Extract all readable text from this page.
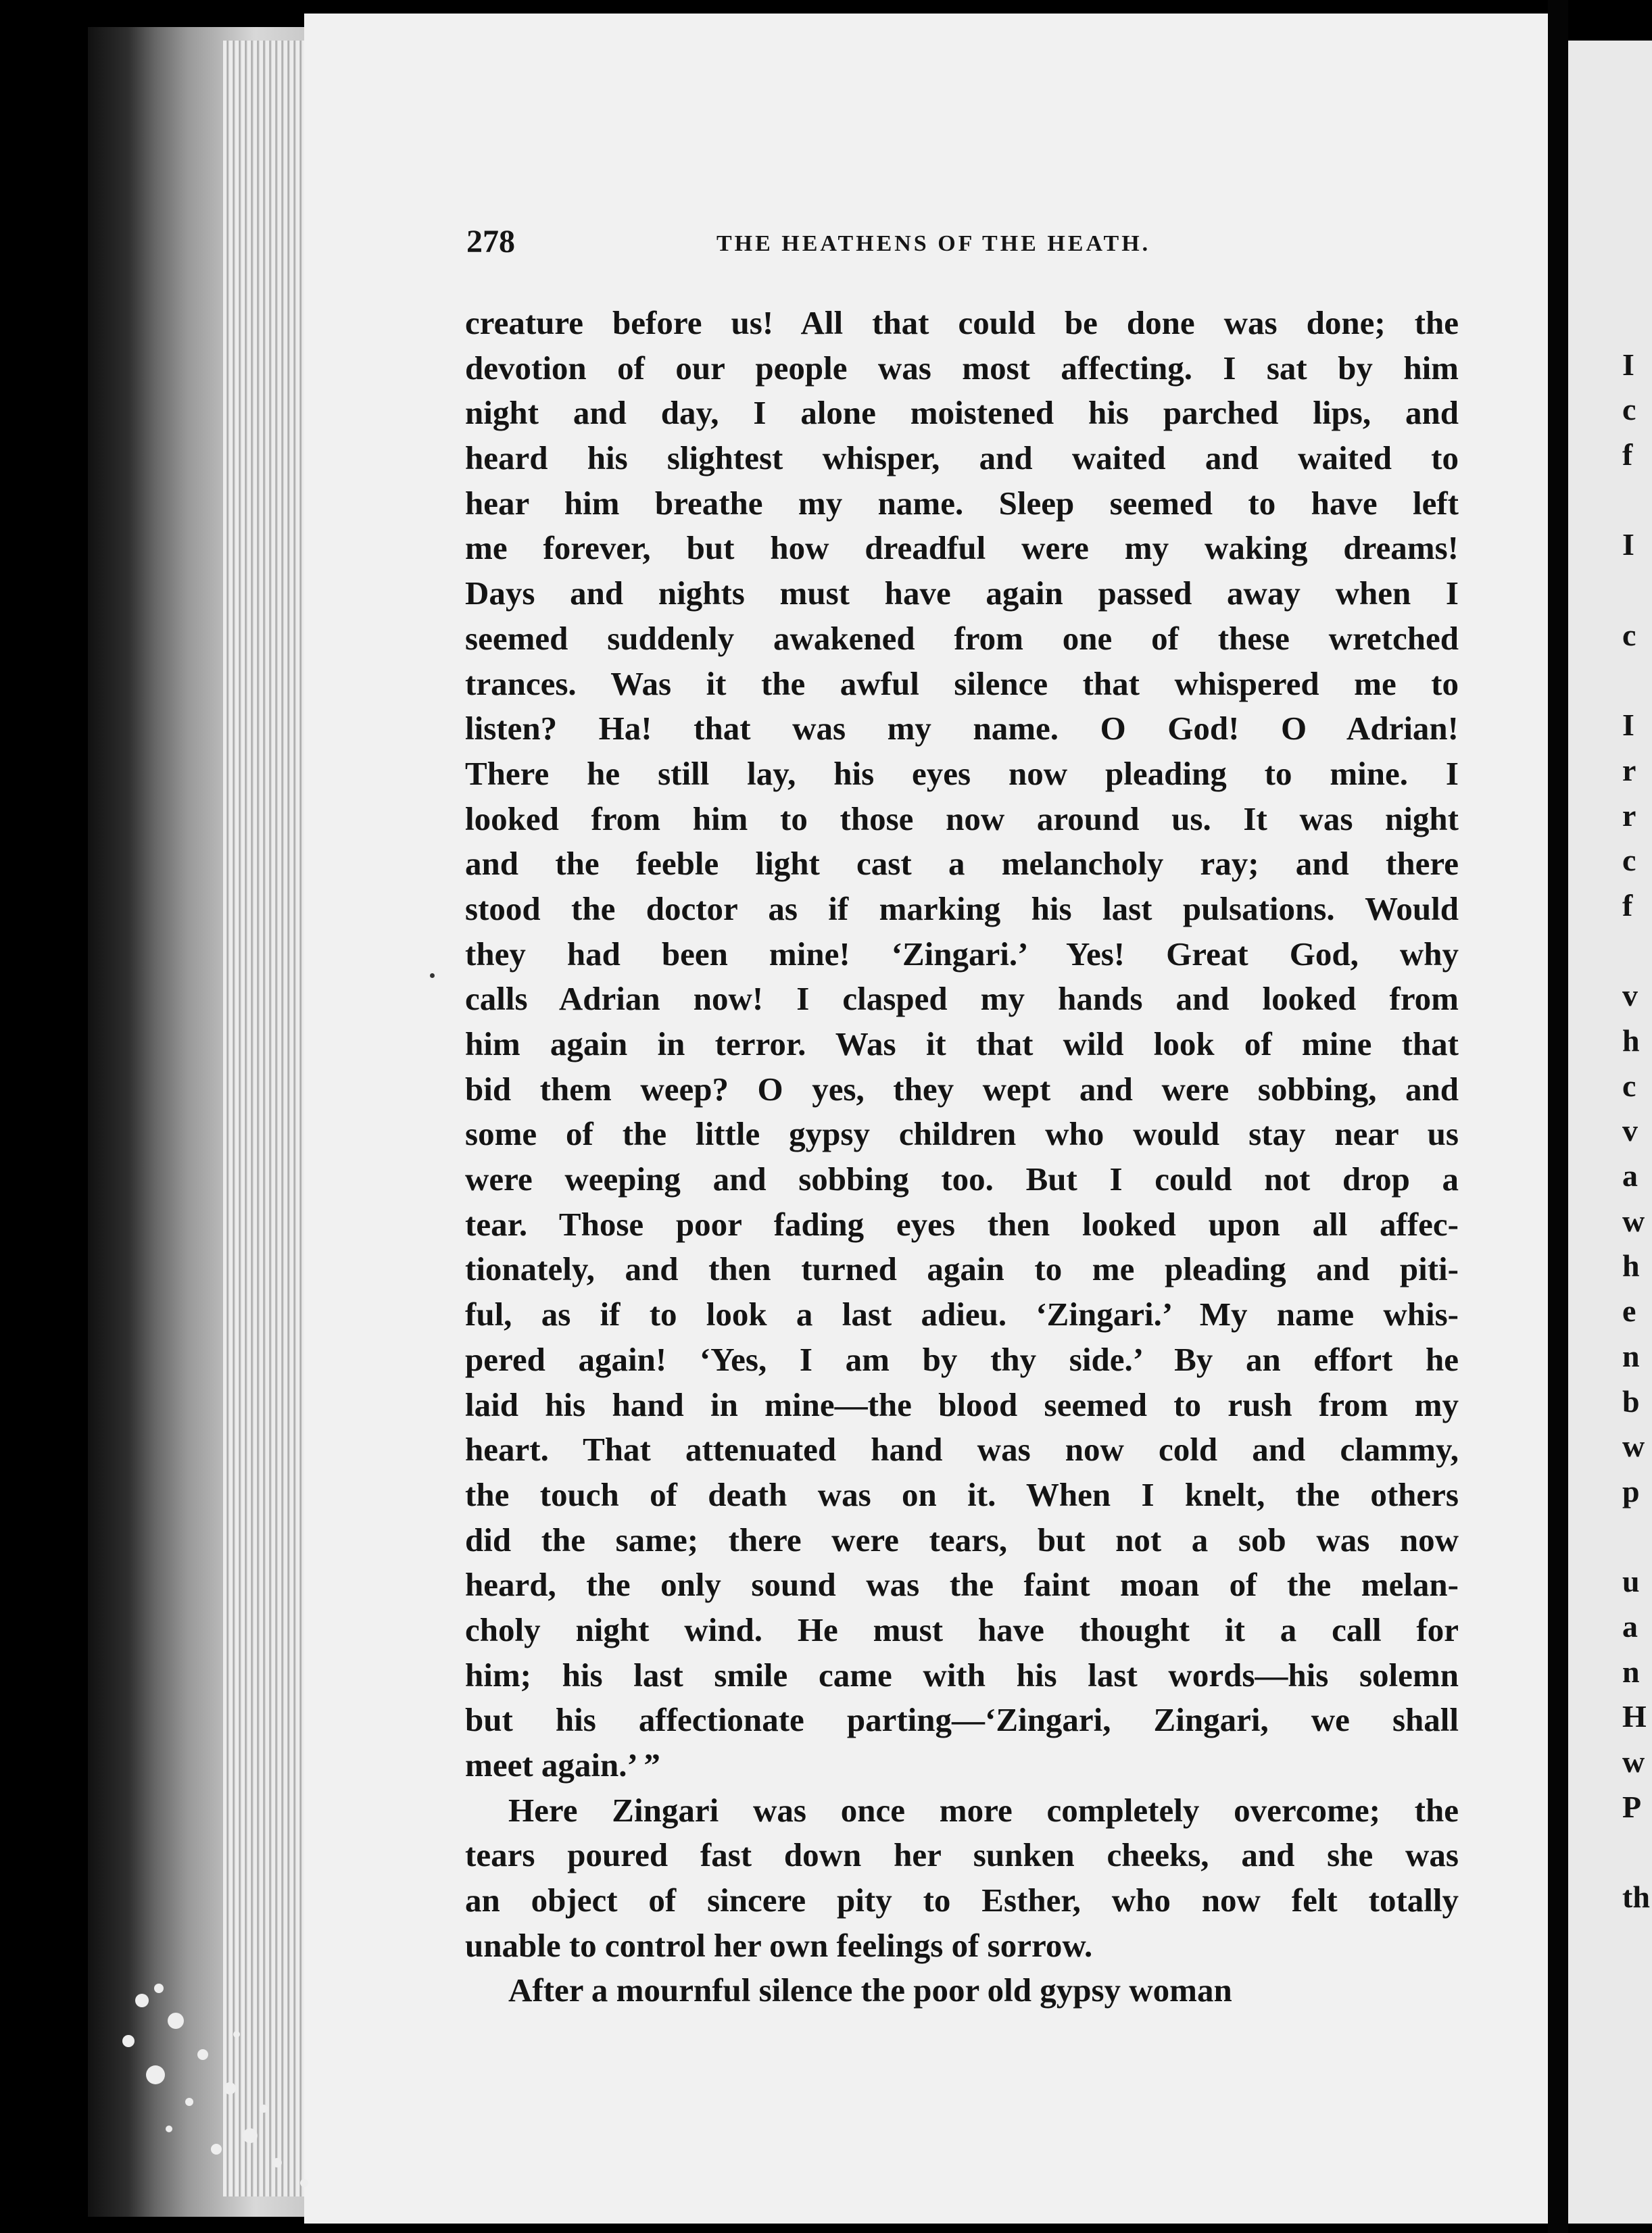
278	THE HEATHENS OF THE HEATH.
creature before us! All that could be done was done; the
devotion of our people was most affecting. I sat by him
night and day, I alone moistened his parched lips, and
heard his slightest whisper, and waited and waited to
hear him breathe my name. Sleep seemed to have left
me forever, but how dreadful were my waking dreams!
Days and nights must have again passed away when I
seemed suddenly awakened from one of these wretched
trances. Was it the awful silence that whispered me to
listen? Ha! that was my name. O God! O Adrian!
There he still lay, his eyes now pleading to mine. I
looked from him to those now around us. It was night
and the feeble light cast a melancholy ray; and there
stood the doctor as if marking his last pulsations. Would
they had been mine! ‘Zingari.’ Yes! Great God, why
calls Adrian now! I clasped my hands and looked from
him again in terror. Was it that wild look of mine that
bid them weep? O yes, they wept and were sobbing, and
some of the little gypsy children who would stay near us
were weeping and sobbing too. But I could not drop a
tear. Those poor fading eyes then looked upon all affec-
tionately, and then turned again to me pleading and piti-
ful, as if to look a last adieu. ‘Zingari.’ My name whis-
pered again! ‘Yes, I am by thy side.’ By an effort he
laid his hand in mine—the blood seemed to rush from my
heart. That attenuated hand was now cold and clammy,
the touch of death was on it. When I knelt, the others
did the same; there were tears, but not a sob was now
heard, the only sound was the faint moan of the melan-
choly night wind. He must have thought it a call for
him; his last smile came with his last words—his solemn
but his affectionate parting—‘Zingari, Zingari, we shall
meet again.’ ”
Here Zingari was once more completely overcome; the
tears poured fast down her sunken cheeks, and she was
an object of sincere pity to Esther, who now felt totally
unable to control her own feelings of sorrow.
After a mournful silence the poor old gypsy woman
I
c
f
I
c
I
r
r
c
f
v
h
c
v
a
w
h
e
n
b
w
p
u
a
n
H
w
P
th
